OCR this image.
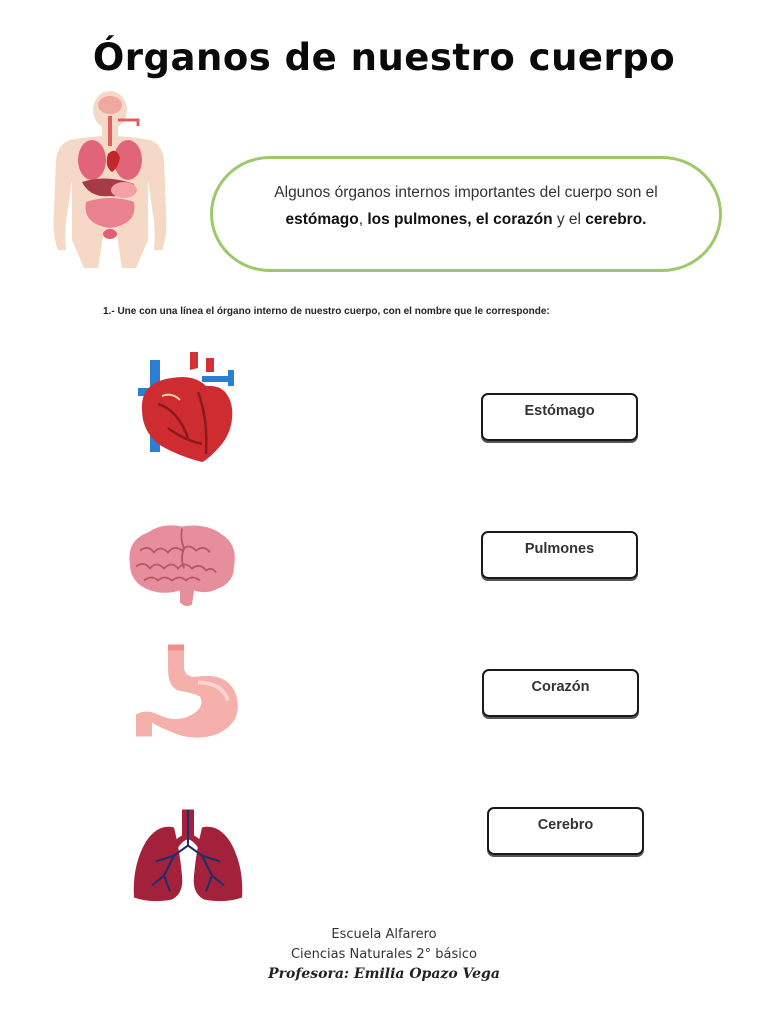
Órganos de nuestro cuerpo
Algunos órganos internos importantes del cuerpo son el
estómago, los pulmones, el corazón y el cerebro.
1.- Une con una línea el órgano interno de nuestro cuerpo, con el nombre que le corresponde:
Estómago
Pulmones
Corazón
Cerebro
Escuela Alfarero
Ciencias Naturales 2° básico
Profesora: Emilia Opazo Vega
